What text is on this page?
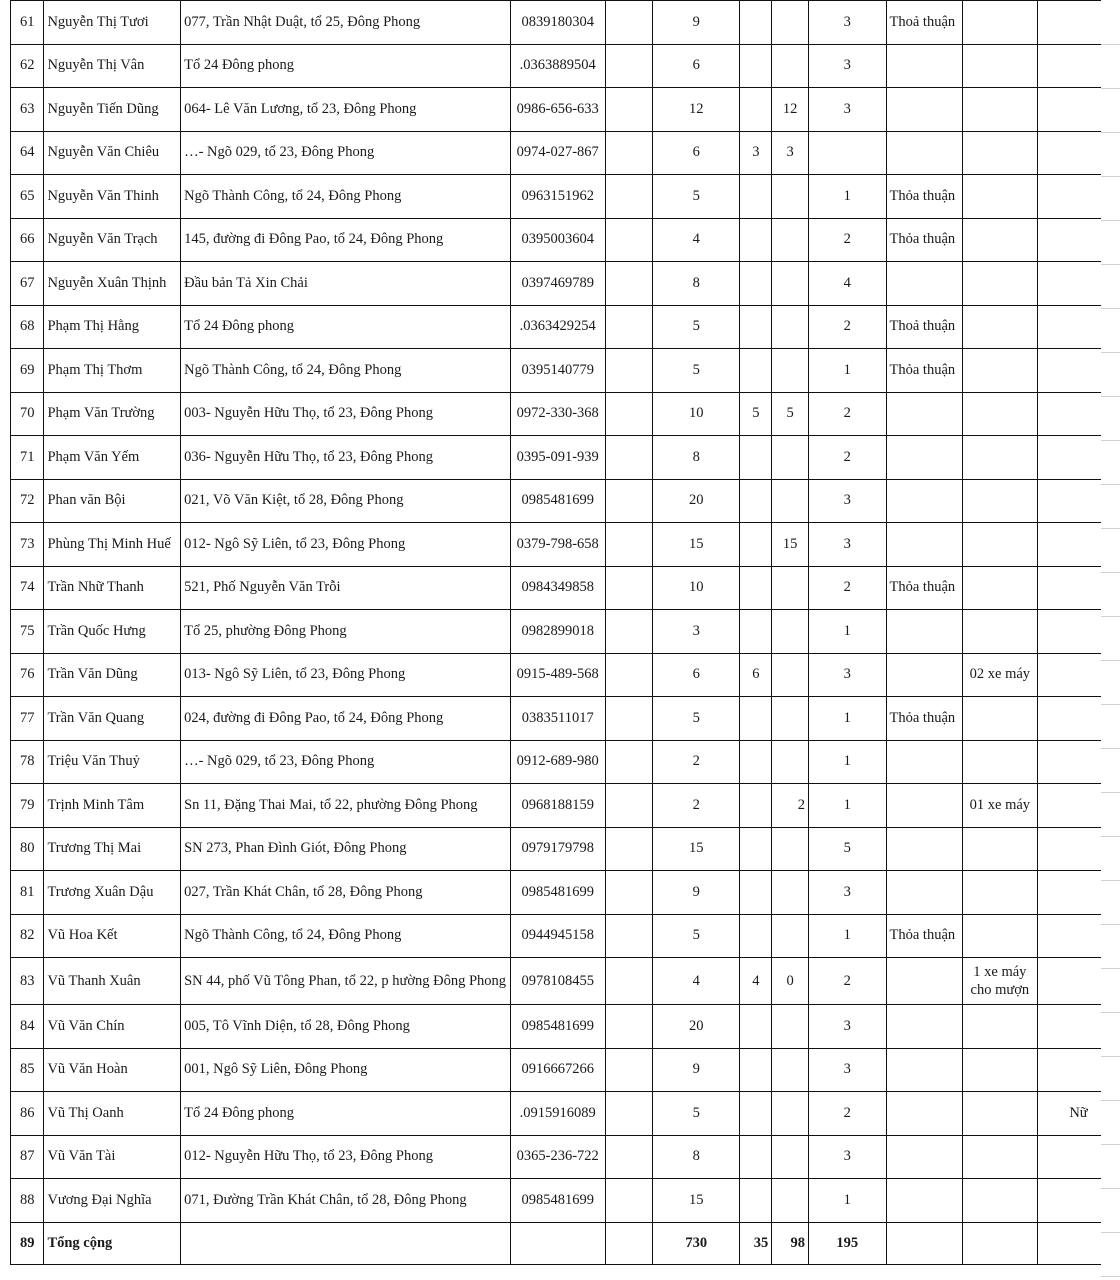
61	Nguyễn Thị Tươi	077, Trần Nhật Duật, tổ 25, Đông Phong	0839180304		9			3	Thoả thuận		
62	Nguyễn Thị Vân	Tổ 24 Đông phong	.0363889504		6			3			
63	Nguyễn Tiến Dũng	064- Lê Văn Lương, tổ 23, Đông Phong	0986-656-633		12		12	3			
64	Nguyễn Văn Chiêu	…- Ngõ 029, tổ 23, Đông Phong	0974-027-867		6	3	3				
65	Nguyễn Văn Thinh	Ngõ Thành Công, tổ 24, Đông Phong	0963151962		5			1	Thỏa thuận		
66	Nguyễn Văn Trạch	145, đường đi Đông Pao, tổ 24, Đông Phong	0395003604		4			2	Thỏa thuận		
67	Nguyễn Xuân Thịnh	Đầu bản Tả Xin Chải	0397469789		8			4			
68	Phạm Thị Hằng	Tổ 24 Đông phong	.0363429254		5			2	Thoả thuận		
69	Phạm Thị Thơm	Ngõ Thành Công, tổ 24, Đông Phong	0395140779		5			1	Thỏa thuận		
70	Phạm Văn Trường	003- Nguyễn Hữu Thọ, tổ 23, Đông Phong	0972-330-368		10	5	5	2			
71	Phạm Văn Yếm	036- Nguyễn Hữu Thọ, tổ 23, Đông Phong	0395-091-939		8			2			
72	Phan văn Bội	021, Võ Văn Kiệt, tổ 28, Đông Phong	0985481699		20			3			
73	Phùng Thị Minh Huế	012- Ngô Sỹ Liên, tổ 23, Đông Phong	0379-798-658		15		15	3			
74	Trần Nhữ Thanh	521, Phố Nguyễn Văn Trỗi	0984349858		10			2	Thỏa thuận		
75	Trần Quốc Hưng	Tổ 25, phường Đông Phong	0982899018		3			1			
76	Trần Văn Dũng	013- Ngô Sỹ Liên, tổ 23, Đông Phong	0915-489-568		6	6		3		02 xe máy	
77	Trần Văn Quang	024, đường đi Đông Pao, tổ 24, Đông Phong	0383511017		5			1	Thỏa thuận		
78	Triệu Văn Thuỷ	…- Ngõ 029, tổ 23, Đông Phong	0912-689-980		2			1			
79	Trịnh Minh Tâm	Sn 11, Đặng Thai Mai, tổ 22, phường Đông Phong	0968188159		2		2	1		01 xe máy	
80	Trương Thị Mai	SN 273, Phan Đình Giót, Đông Phong	0979179798		15			5			
81	Trương Xuân Dậu	027, Trần Khát Chân, tổ 28, Đông Phong	0985481699		9			3			
82	Vũ Hoa Kết	Ngõ Thành Công, tổ 24, Đông Phong	0944945158		5			1	Thỏa thuận		
83	Vũ Thanh Xuân	SN 44, phố Vũ Tông Phan, tổ 22, p hường Đông Phong	0978108455		4	4	0	2		1 xe máy cho mượn	
84	Vũ Văn Chín	005, Tô Vĩnh Diện, tổ 28, Đông Phong	0985481699		20			3			
85	Vũ Văn Hoàn	001, Ngô Sỹ Liên, Đông Phong	0916667266		9			3			
86	Vũ Thị Oanh	Tổ 24 Đông phong	.0915916089		5			2			Nữ
87	Vũ Văn Tài	012- Nguyễn Hữu Thọ, tổ 23, Đông Phong	0365-236-722		8			3			
88	Vương Đại Nghĩa	071, Đường Trần Khát Chân, tổ 28, Đông Phong	0985481699		15			1			
89	Tổng cộng				730	35	98	195			
